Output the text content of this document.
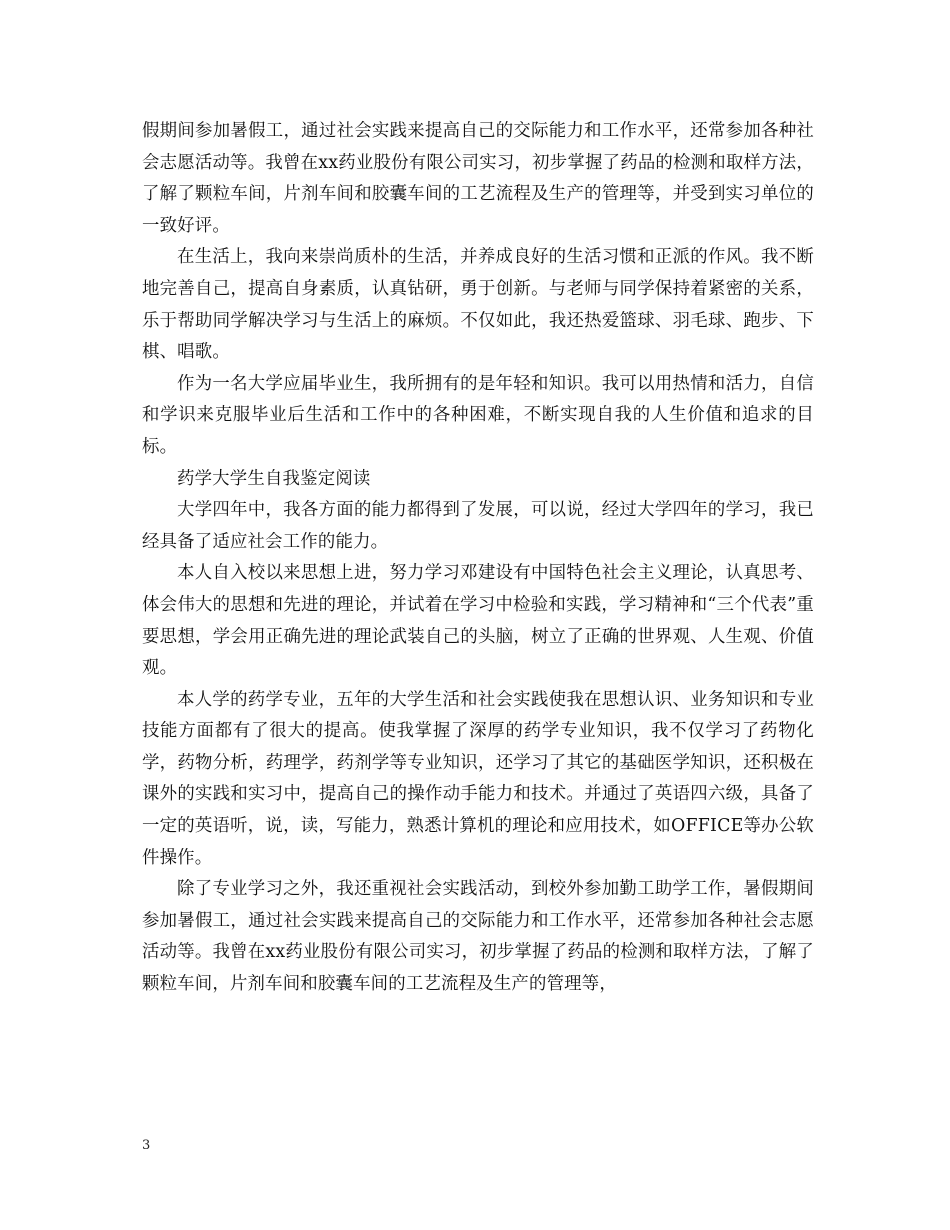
假期间参加暑假工，通过社会实践来提高自己的交际能力和工作水平，还常参加各种社会志愿活动等。我曾在xx药业股份有限公司实习，初步掌握了药品的检测和取样方法，了解了颗粒车间，片剂车间和胶囊车间的工艺流程及生产的管理等，并受到实习单位的一致好评。

在生活上，我向来崇尚质朴的生活，并养成良好的生活习惯和正派的作风。我不断地完善自己，提高自身素质，认真钻研，勇于创新。与老师与同学保持着紧密的关系，乐于帮助同学解决学习与生活上的麻烦。不仅如此，我还热爱篮球、羽毛球、跑步、下棋、唱歌。

作为一名大学应届毕业生，我所拥有的是年轻和知识。我可以用热情和活力，自信和学识来克服毕业后生活和工作中的各种困难，不断实现自我的人生价值和追求的目标。

药学大学生自我鉴定阅读

大学四年中，我各方面的能力都得到了发展，可以说，经过大学四年的学习，我已经具备了适应社会工作的能力。

本人自入校以来思想上进，努力学习邓建设有中国特色社会主义理论，认真思考、体会伟大的思想和先进的理论，并试着在学习中检验和实践，学习精神和“三个代表”重要思想，学会用正确先进的理论武装自己的头脑，树立了正确的世界观、人生观、价值观。

本人学的药学专业，五年的大学生活和社会实践使我在思想认识、业务知识和专业技能方面都有了很大的提高。使我掌握了深厚的药学专业知识，我不仅学习了药物化学，药物分析，药理学，药剂学等专业知识，还学习了其它的基础医学知识，还积极在课外的实践和实习中，提高自己的操作动手能力和技术。并通过了英语四六级，具备了一定的英语听，说，读，写能力，熟悉计算机的理论和应用技术，如OFFICE等办公软件操作。

除了专业学习之外，我还重视社会实践活动，到校外参加勤工助学工作，暑假期间参加暑假工，通过社会实践来提高自己的交际能力和工作水平，还常参加各种社会志愿活动等。我曾在xx药业股份有限公司实习，初步掌握了药品的检测和取样方法，了解了颗粒车间，片剂车间和胶囊车间的工艺流程及生产的管理等，

3
